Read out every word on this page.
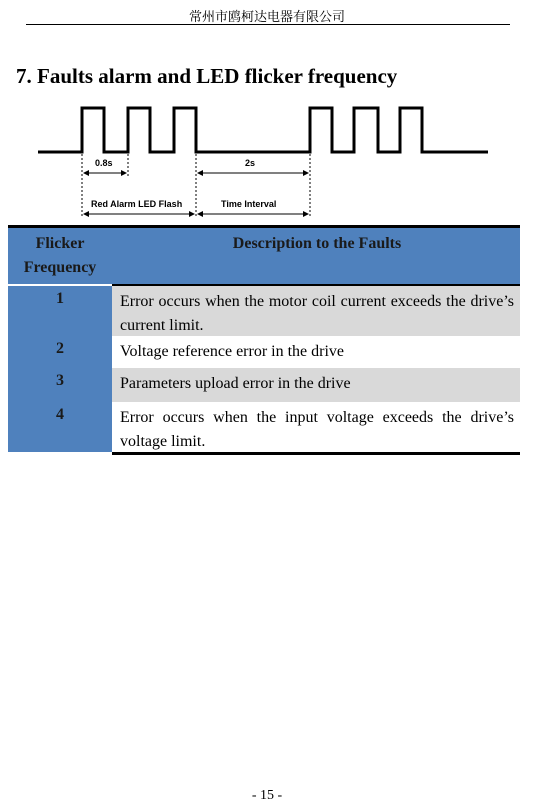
常州市鸥柯达电器有限公司
7. Faults alarm and LED flicker frequency
0.8s	2s
Red Alarm LED Flash	Time Interval
Flicker Frequency
Description to the Faults
1	Error occurs when the motor coil current exceeds the drive’s current limit.
2	Voltage reference error in the drive
3	Parameters upload error in the drive
4	Error occurs when the input voltage exceeds the drive’s voltage limit.
- 15 -
